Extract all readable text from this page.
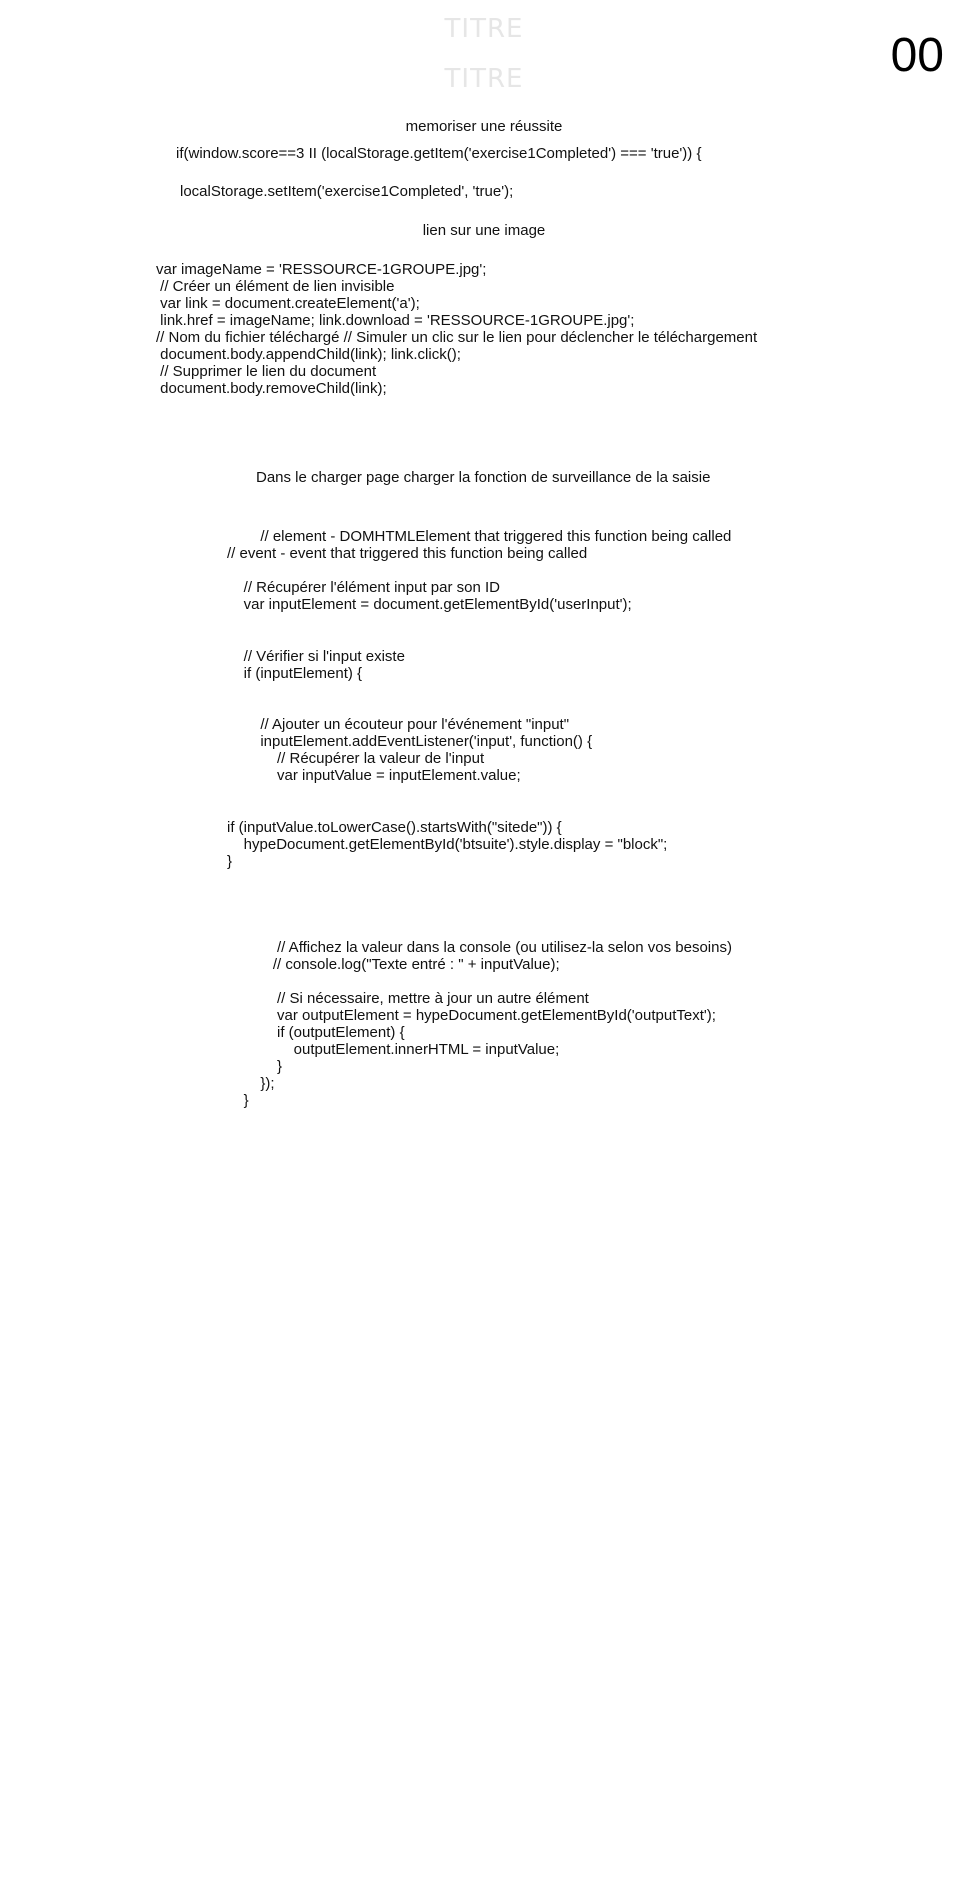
TITRE
TITRE	00
memoriser une réussite
if(window.score==3 II (localStorage.getItem('exercise1Completed') === 'true')) {
localStorage.setItem('exercise1Completed', 'true');
lien sur une image
var imageName = 'RESSOURCE-1GROUPE.jpg';
// Créer un élément de lien invisible
var link = document.createElement('a');
link.href = imageName; link.download = 'RESSOURCE-1GROUPE.jpg';
// Nom du fichier téléchargé // Simuler un clic sur le lien pour déclencher le téléchargement
document.body.appendChild(link); link.click();
// Supprimer le lien du document
document.body.removeChild(link);
Dans le charger page charger la fonction de surveillance de la saisie
// element - DOMHTMLElement that triggered this function being called
// event - event that triggered this function being called
// Récupérer l'élément input par son ID
var inputElement = document.getElementById('userInput');
// Vérifier si l'input existe
if (inputElement) {
// Ajouter un écouteur pour l'événement "input"
inputElement.addEventListener('input', function() {
// Récupérer la valeur de l'input
var inputValue = inputElement.value;
if (inputValue.toLowerCase().startsWith("sitede")) {
hypeDocument.getElementById('btsuite').style.display = "block";
}
// Affichez la valeur dans la console (ou utilisez-la selon vos besoins)
// console.log("Texte entré : " + inputValue);
// Si nécessaire, mettre à jour un autre élément
var outputElement = hypeDocument.getElementById('outputText');
if (outputElement) {
outputElement.innerHTML = inputValue;
}
});
}
